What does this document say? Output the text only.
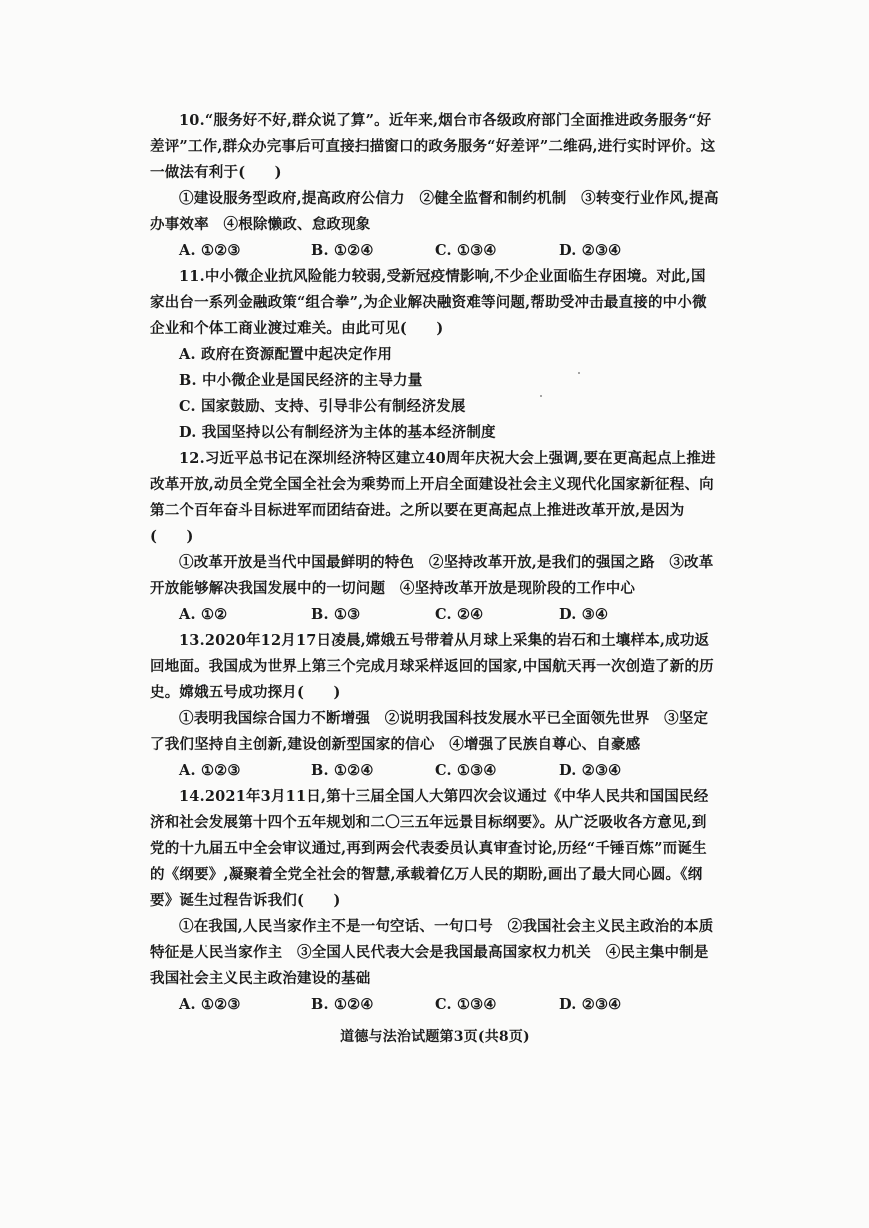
10.“服务好不好,群众说了算”。近年来,烟台市各级政府部门全面推进政务服务“好差评”工作,群众办完事后可直接扫描窗口的政务服务“好差评”二维码,进行实时评价。这一做法有利于(　　)

①建设服务型政府,提高政府公信力　②健全监督和制约机制　③转变行业作风,提高办事效率　④根除懒政、怠政现象

A. ①②③	B. ①②④	C. ①③④	D. ②③④

11.中小微企业抗风险能力较弱,受新冠疫情影响,不少企业面临生存困境。对此,国家出台一系列金融政策“组合拳”,为企业解决融资难等问题,帮助受冲击最直接的中小微企业和个体工商业渡过难关。由此可见(　　)

A. 政府在资源配置中起决定作用

B. 中小微企业是国民经济的主导力量

C. 国家鼓励、支持、引导非公有制经济发展

D. 我国坚持以公有制经济为主体的基本经济制度

12.习近平总书记在深圳经济特区建立40周年庆祝大会上强调,要在更高起点上推进改革开放,动员全党全国全社会为乘势而上开启全面建设社会主义现代化国家新征程、向第二个百年奋斗目标进军而团结奋进。之所以要在更高起点上推进改革开放,是因为(　　)

①改革开放是当代中国最鲜明的特色　②坚持改革开放,是我们的强国之路　③改革开放能够解决我国发展中的一切问题　④坚持改革开放是现阶段的工作中心

A. ①②	B. ①③	C. ②④	D. ③④

13.2020年12月17日凌晨,嫦娥五号带着从月球上采集的岩石和土壤样本,成功返回地面。我国成为世界上第三个完成月球采样返回的国家,中国航天再一次创造了新的历史。嫦娥五号成功探月(　　)

①表明我国综合国力不断增强　②说明我国科技发展水平已全面领先世界　③坚定了我们坚持自主创新,建设创新型国家的信心　④增强了民族自尊心、自豪感

A. ①②③	B. ①②④	C. ①③④	D. ②③④

14.2021年3月11日,第十三届全国人大第四次会议通过《中华人民共和国国民经济和社会发展第十四个五年规划和二〇三五年远景目标纲要》。从广泛吸收各方意见,到党的十九届五中全会审议通过,再到两会代表委员认真审查讨论,历经“千锤百炼”而诞生的《纲要》,凝聚着全党全社会的智慧,承载着亿万人民的期盼,画出了最大同心圆。《纲要》诞生过程告诉我们(　　)

①在我国,人民当家作主不是一句空话、一句口号　②我国社会主义民主政治的本质特征是人民当家作主　③全国人民代表大会是我国最高国家权力机关　④民主集中制是我国社会主义民主政治建设的基础

A. ①②③	B. ①②④	C. ①③④	D. ②③④
道德与法治试题第3页(共8页)
